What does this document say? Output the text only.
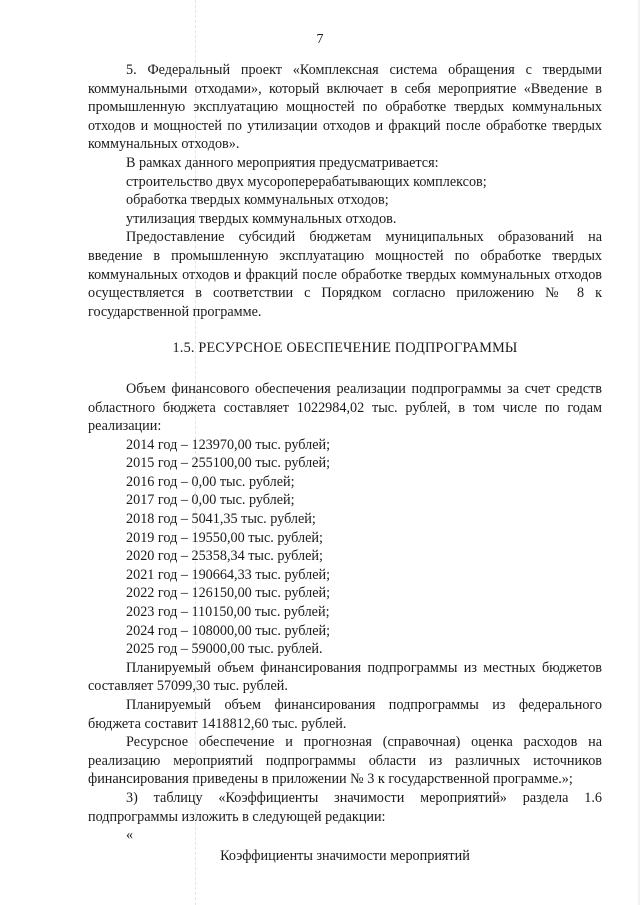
7

5. Федеральный проект «Комплексная система обращения с твердыми коммунальными отходами», который включает в себя мероприятие «Введение в промышленную эксплуатацию мощностей по обработке твердых коммунальных отходов и мощностей по утилизации отходов и фракций после обработке твердых коммунальных отходов».

В рамках данного мероприятия предусматривается:

строительство двух мусороперерабатывающих комплексов;

обработка твердых коммунальных отходов;

утилизация твердых коммунальных отходов.

Предоставление субсидий бюджетам муниципальных образований на введение в промышленную эксплуатацию мощностей по обработке твердых коммунальных отходов и фракций после обработке твердых коммунальных отходов осуществляется в соответствии с Порядком согласно приложению № 8 к государственной программе.

1.5. РЕСУРСНОЕ ОБЕСПЕЧЕНИЕ ПОДПРОГРАММЫ

Объем финансового обеспечения реализации подпрограммы за счет средств областного бюджета составляет 1022984,02 тыс. рублей, в том числе по годам реализации:

2014 год – 123970,00 тыс. рублей;
2015 год – 255100,00 тыс. рублей;
2016 год – 0,00 тыс. рублей;
2017 год – 0,00 тыс. рублей;
2018 год – 5041,35 тыс. рублей;
2019 год – 19550,00 тыс. рублей;
2020 год – 25358,34 тыс. рублей;
2021 год – 190664,33 тыс. рублей;
2022 год – 126150,00 тыс. рублей;
2023 год – 110150,00 тыс. рублей;
2024 год – 108000,00 тыс. рублей;
2025 год – 59000,00 тыс. рублей.

Планируемый объем финансирования подпрограммы из местных бюджетов составляет 57099,30 тыс. рублей.

Планируемый объем финансирования подпрограммы из федерального бюджета составит 1418812,60 тыс. рублей.

Ресурсное обеспечение и прогнозная (справочная) оценка расходов на реализацию мероприятий подпрограммы области из различных источников финансирования приведены в приложении № 3 к государственной программе.»;

3) таблицу «Коэффициенты значимости мероприятий» раздела 1.6 подпрограммы изложить в следующей редакции:

«

Коэффициенты значимости мероприятий
